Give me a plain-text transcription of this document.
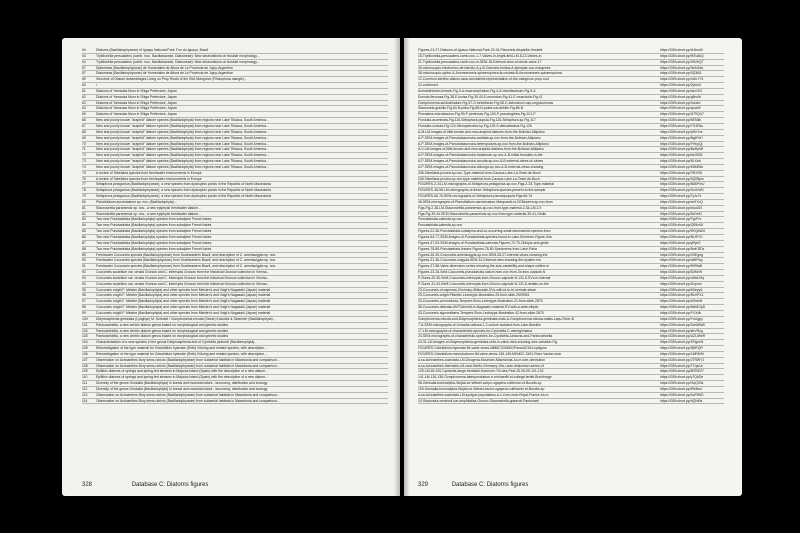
54	Diatoms (Bacillariophyceae) of Iguaçu National Park, Foz do Iguaçu, Brazil
54	Tryblionella persuadens (comb. nov., Bacillariaceae, Diatomeae): New observations on frustule morphology...
54	Tryblionella persuadens (comb. nov., Bacillariaceae, Diatomeae): New observations on frustule morphology...
57	Diatomeas (Bacillariophyceae) de Humedales de Altura de La Provincia de Jujuy-Argentina
57	Diatomeas (Bacillariophyceae) de Humedales de Altura de La Provincia de Jujuy-Argentina
59	Structure of Diatom Assemblages Living on Prop Roots of the Red Mangrove (Rhizophora mangle)...
60	/
61	Diatoms of Yamaoka Moor in Shiga Prefecture, Japan
62	Diatoms of Yamaoka Moor in Shiga Prefecture, Japan
63	Diatoms of Yamaoka Moor in Shiga Prefecture, Japan
64	Diatoms of Yamaoka Moor in Shiga Prefecture, Japan
65	Diatoms of Yamaoka Moor in Shiga Prefecture, Japan
66	New and poorly known "araphid" diatom species (Bacillariophyta) from regions near Lake Titicaca, South America...
67	New and poorly known "araphid" diatom species (Bacillariophyta) from regions near Lake Titicaca, South America...
68	New and poorly known "araphid" diatom species (Bacillariophyta) from regions near Lake Titicaca, South America...
69	New and poorly known "araphid" diatom species (Bacillariophyta) from regions near Lake Titicaca, South America...
70	New and poorly known "araphid" diatom species (Bacillariophyta) from regions near Lake Titicaca, South America...
71	New and poorly known "araphid" diatom species (Bacillariophyta) from regions near Lake Titicaca, South America...
72	New and poorly known "araphid" diatom species (Bacillariophyta) from regions near Lake Titicaca, South America...
73	New and poorly known "araphid" diatom species (Bacillariophyta) from regions near Lake Titicaca, South America...
74	New and poorly known "araphid" diatom species (Bacillariophyta) from regions near Lake Titicaca, South America...
75	A review of Tabellaria species from freshwater environments in Europe
76	A review of Tabellaria species from freshwater environments in Europe
77	Sellaphora pelagonica (Bacillariophyceae), a new species from dystrophic ponds in the Republic of North Macedonia
78	Sellaphora pelagonica (Bacillariophyceae), a new species from dystrophic ponds in the Republic of North Macedonia
79	Sellaphora pelagonica (Bacillariophyceae), a new species from dystrophic ponds in the Republic of North Macedonia
80	Planothidium acrotolcatum sp. nov. (Bacillariophyta)...
81	Staurosirella paranensis sp. nov., a new epiphytic freshwater diatom...
82	Staurosirella paranensis sp. nov., a new epiphytic freshwater diatom...
83	Two new Punctastriata (Bacillariophyta) species from subalpine French lakes
84	Two new Punctastriata (Bacillariophyta) species from subalpine French lakes
85	Two new Punctastriata (Bacillariophyta) species from subalpine French lakes
86	Two new Punctastriata (Bacillariophyta) species from subalpine French lakes
87	Two new Punctastriata (Bacillariophyta) species from subalpine French lakes
88	Two new Punctastriata (Bacillariophyta) species from subalpine French lakes
89	Freshwater Cocconeis species (Bacillariophyceae) from Southeastern Brazil, and description of C. amerisulgyta sp. nov.
90	Freshwater Cocconeis species (Bacillariophyceae) from Southeastern Brazil, and description of C. amerisulgyta sp. nov.
91	Freshwater Cocconeis species (Bacillariophyceae) from Southeastern Brazil, and description of C. amerisulgyta sp. nov.
92	Cocconeis scutellum var. ornata Grunow and C. interrupta Grunow from the historical Grunow collection in Vienna...
93	Cocconeis scutellum var. ornata Grunow and C. interrupta Grunow from the historical Grunow collection in Vienna...
94	Cocconeis scutellum var. ornata Grunow and C. interrupta Grunow from the historical Grunow collection in Vienna...
95	Cocconeis voigtii F. Meister (Bacillariophyta) and other species from Meister's and Voigt's Nagasaki (Japan) material
96	Cocconeis voigtii F. Meister (Bacillariophyta) and other species from Meister's and Voigt's Nagasaki (Japan) material
97	Cocconeis voigtii F. Meister (Bacillariophyta) and other species from Meister's and Voigt's Nagasaki (Japan) material
98	Cocconeis voigtii F. Meister (Bacillariophyta) and other species from Meister's and Voigt's Nagasaki (Japan) material
99	Cocconeis voigtii F. Meister (Bacillariophyta) and other species from Meister's and Voigt's Nagasaki (Japan) material
100	Didymosphenia geminata (Lyngbye) M. Schmidt / Gomphonema minuta (Stone) Kociolek & Stoermer (Bacillariophyta)...
101	Pantocsekiella, a new centric diatom genus based on morphological and genetic studies
102	Pantocsekiella, a new centric diatom genus based on morphological and genetic studies
103	Pantocsekiella, a new centric diatom genus based on morphological and genetic studies
104	Characterization of a new species in the genus Didymosphenia and of Cymbella janischii (Bacillariophyta)...
105	Reinvestigation of the type material for Odontidium hyemale (Roth) Kützing and related species, with description...
106	Reinvestigation of the type material for Odontidium hyemale (Roth) Kützing and related species, with description...
107	Observation on Achnanthes Bory sensu stricto (Bacillariophyceae) from subaerial habitats in Macedonia and comparison...
108	Observation on Achnanthes Bory sensu stricto (Bacillariophyceae) from subaerial habitats in Macedonia and comparison...
109	Epilithic diatoms of springs and spring-fed streams in Majorca Island (Spain) with the description of a new diatom...
110	Epilithic diatoms of springs and spring-fed streams in Majorca Island (Spain) with the description of a new diatom...
111	Diversity of the genus Genkalia (Bacillariophyta) in boreal and mountain lakes - taxonomy, distribution and ecology
112	Diversity of the genus Genkalia (Bacillariophyta) in boreal and mountain lakes - taxonomy, distribution and ecology
113	Observation on Achnanthes Bory sensu stricto (Bacillariophyceae) from subaerial habitats in Macedonia and comparison...
114	Observation on Achnanthes Bory sensu stricto (Bacillariophyceae) from subaerial habitats in Macedonia and comparison...
328	Database C: Diatoms figures
Figures-23-27-Diatoms-of-Iguacu-National-Park-23-24-Placoneis-disparilis-Hustedt	https://l35h.short.pp/vt1bnd0
15-Tryblionella-persuadens-comb-nov-1-7-Valves-in-bright-field-LM-8-13-Valves-in	https://l35h.short.pp/9tTu6kQ
21-Tryblionella-persuadens-comb-nov-in-SEM-16-External-view-of-whole-valve-17	https://l35h.short.pp/3H2bQT
26-microscopio-electronico-de-barrido-A-y-B-Caloneis-fontica-A-ejemplar-con-margenes	https://l35h.short.pp/3eAGda
38-microscopio-optico-A-Anomoeoneis-sphaerophora-fa-costata-B-Anomoeoneis-sphaerophora	https://l35h.short.pp/3Q3t0L
12-Common-benthic-diatom-taxa-considered-representative-of-the-mangrove-prop-root	https://l35h.short.pp/m2uY74
12-continued	https://l35h.short.pp/2yluh4
Achnanthidium-lineare-Fig-3-A-macrocephalum-Fig-4-A-minutissimum-Fig-5-A	https://l35h.short.pp/dzz1KV
Eunotia-flexuosa-Fig-38-E-incisa-Fig-39-40-E-monodon-Fig-41-E-muscicola-Fig-41	https://l35h.short.pp/g8nx5r
Gomphonema-acidoclinatum-Fig-57-G-helveticum-Fig-58-G-lisbonicum-ssp-unguiculmuss	https://l35h.short.pp/Xa4zd
Stauroneis-gracilis-Fig-84-N-pilea-Fig-85-N-pulea-var-debilis-Fig-86-N	https://l35h.short.pp/cpstcE
Pinnularia-microstauron-Fig-99-P-pertenuis-Fig-100-P-pseudogibba-Fig-101-P	https://l35h.short.pp/U79QU7
Frustulia-acuminata-Fig-115-Sellaphora-pupula-Fig-116-Sellaphora-sp-Fig-117	https://l35h.short.pp/5E5Ikh
Frustulia-curvula-Fig-124-Stenopterobia-sp-Fig-125-S-delicatissima-Fig-126	https://l35h.short.pp/7G4FAu
A-M-LM-images-of-little-known-and-new-araphid-diatoms-from-the-Bolivian-Altiplano	https://l35h.short.pp/pRuYvs
A-P-SEM-images-of-Pseudostaurosira-ocellata-sp-nov-from-the-Bolivian-Altiplano	https://l35h.short.pp/Ng8YtH
A-P-SEM-images-of-Pseudostaurosira-heteropolaris-sp-nov-from-the-Bolivian-Altiplano	https://l35h.short.pp/YHcpQj
A-V-LM-images-of-little-known-and-new-araphid-diatoms-from-the-Bolivian-Altiplano	https://l35h.short.pp/Bw9pMf
A-P-SEM-images-of-Pseudostaurosira-frankenae-sp-nov-A-B-Initial-frustules-in-the	https://l35h.short.pp/xdJ5G8
A-P-SEM-images-of-Pseudostaurosira-occulta-sp-nov-A-B-external-views-of-valves	https://l35h.short.pp/8LXzfc
A-P-SEM-images-of-Pseudostaurosira-oblonga-sp-nov-A-B-external-views-showing	https://l35h.short.pp/K8bE8a
236-Tabellaria-proxea-sp-nov-Type-material-from-Cazaux-Lake-La-Teste-de-Buch	https://l35h.short.pp/7tEX08
245-Tabellaria-proxea-sp-nov-type-material-from-Cazaux-Lake-La-Teste-de-Buch	https://l35h.short.pp/3Q0Bpw
FIGURES-2-34-LM-micrographs-of-Sellaphora-pelagonica-sp-nov-Figs-2-33-Type-material	https://l35h.short.pp/N6bPmU
FIGURES-45-58-LM-micrographs-of-three-Sellaphora-species-present-in-the-sample	https://l35h.short.pp/GxXrWC
FIGURES-66-76-SEM-micrographs-of-Sellaphora-pseudopupula-Figs-66-76	https://l35h.short.pp/7yJc7z
48-SEM-micrographs-of-Planothidium-acrotolcatum-Marquardt-et-CEBezerra-sp-nov-from	https://l35h.short.pp/xn9YcQ
Figs-Fig-2-38-LM-Staurosirella-paranensis-sp-nov-from-type-material-2-34-LM-2-9	https://l35h.short.pp/eAuGf2
Figs-Fig-39-44-SEM-Staurosirella-paranensis-sp-nov-from-type-material-39-41-Girdle	https://l35h.short.pp/5cDeiG
Punctastriata-calenda-sp-nov	https://l35h.short.pp/TypPrv
Punctastriata-calenda-sp-nov	https://l35h.short.pp/Q55cK6
Figures-22-36-Punctastriata-subalpina-and-co-occurring-small-staurosiroid-species-from	https://l35h.short.pp/9KQdWU
Figures-54-77-SEM-images-of-Punctastriata-species-found-in-Lake-Emmerer-Figure-54a	https://l35h.short.pp/NLRiY0
Figures-37-53-SEM-images-of-Punctastriata-calenda-Figures-72-75-Oblique-and-girdle	https://l35h.short.pp/yf0jeG
Figures-78-89-Punctastriata-lineare-Figures-78-80-Specimens-from-Lake-Paha	https://l35h.short.pp/5mKRDs
Figures-26-30-Cocconeis-amerisulgyta-sp-nov-SEM-25-27-Internal-views-showing-the	https://l35h.short.pp/C5Egng
Figures-31-36-Cocconeis-sulgyda-SEM-31-External-view-showing-the-hyaline-rim	https://l35h.short.pp/ok9Pwp
Figures-37-58-Valve-dimension-series-showing-the-size-variability-and-shape-outline-in	https://l35h.short.pp/9H9faB
Figures-13-16-SeM-Cocconeis-pseudomata-stat-et-nom-nov-from-Grunov-capsule-N	https://l35h.short.pp/iDWeW
P-Sures-20-30-SeM-Cocconeis-interrupta-from-Grunov-capsule-N-131-6-SVs-in-internal	https://l35h.short.pp/uMsDHq
P-Sures-31-34-SeM-Cocconeis-interrupta-from-Grunov-capsule-N-131-6-details-on-the	https://l35h.short.pp/Gxpmo
23-Cocconeis-of-capenas-Cholnoky-Wilkowski-SVs-with-bi-to-tri-serriate-striae	https://l35h.short.pp/6SeyyA
29-Cocconeis-voigtii-Pilsetier-Lectotype-Illustration-25-from-slide-2509051	https://l35h.short.pp/RkXPX1
33-Cocconeis-convinducta-Tempere-Brun-Lectotype-Illustration-21-from-slide-2875	https://l35h.short.pp/vSmm8
38-Cocconeis-delicata-ANTSchmidt-in-Nagasaki-material-RV-with-a-wide-elliptic	https://l35h.short.pp/MeMGpD
43-Cocconeis-signoralbens-Tempere-Brun-Lectotype-Illustration-42-from-slide-2875	https://l35h.short.pp/YXXdk
Gomphonema-minuta-and-Didymosphenia-geminata-mats-A-Gomphonema-minuta-stalks-Lapu-River-B	https://l35h.short.pp/YnUgpy
7-A-SEM-micrographs-of-Lindavia-radiosa-1-2-culture-isolated-from-Lake-Blacklin	https://l35h.short.pp/ZwWBaS
17-LM-micrographs-of-characteristic-species-for-Cyclotella-C-meneghiniana	https://l35h.short.pp/sbVRxg
23-SEM-micrographs-of-characteristic-species-for-Cyclotella-Lindavia-and-Pantocsekiella	https://l35h.short.pp/UZUWeR
24-31-LM-images-of-Didymosphenia-geminata-cells-in-valve-view-showing-size-variation-Fig	https://l35h.short.pp/5TlgmW
FIGURES-Odontidium-hyemale-IM-valve-views-NMMC2016501Panes20154-epitypus	https://l35h.short.pp/3j9RQR
FIGURES-Odontidium-mesodocinum-IM-valve-views-136-145-MKNDC-3161-River-Vardar-near	https://l35h.short.pp/LMRMhf
a-sa-Achnanthes-coarctata-LM-Obugena-Mountain-Macedonia-1a-m-size-diminution	https://l35h.short.pp/JTRWYJ
a-sa-Achnanthes-thermalis-LM-near-Berlin-Germany-19a-i-size-diminution-series-of	https://l35h.short.pp/7Tqw1e
129-LM-69-100-Cymbella-lange-bertalotii-Krammer-Thi-des-Pest-25-05-05-101-102	https://l35h.short.pp/8lTBEZ7
141-LM-126-136-Gomphonema-lateripunctatum-e-reichardtii-et-collega-fertiel-Buchbrage	https://l35h.short.pp/y7QbDe
96-Genkalia-boreoalpina-Wojtal-ce-Wetzel-schpn-ogapeno-ruttlerore-et-Bucclis-sp	https://l35h.short.pp/GqQ03s
109-Genkalia-boreoalpina-Wojtal-ce-Wetzel-sector-ogapeno-rulthserer-et-Bucclis-sp	https://l35h.short.pp/iRx8wU
a-sa-Achnanthes-coarctata-LM-syntype-populations-a-v-Core-near-Royal-France-4a-m	https://l35h.short.pp/huPH5D
10-Staurosira-venteorii-var-amphilatisa-Grunov-Staurosirella-grannoti-Pantocsek	https://l35h.short.pp/hQNt0e
329	Database C: Diatoms figures
